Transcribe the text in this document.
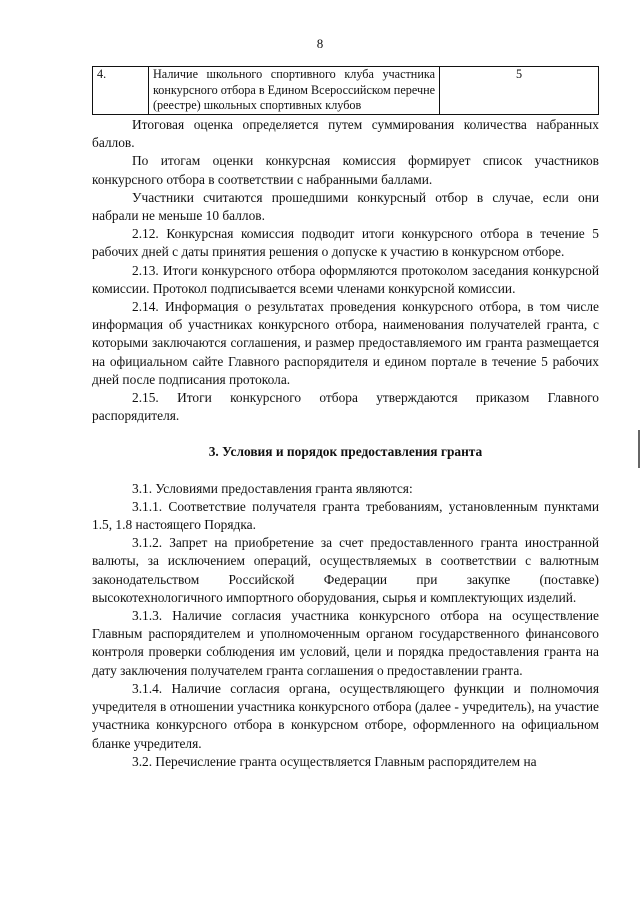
8
4.	Наличие школьного спортивного клуба участника конкурсного отбора в Едином Всероссийском перечне (реестре) школьных спортивных клубов	5

Итоговая оценка определяется путем суммирования количества набранных баллов.

По итогам оценки конкурсная комиссия формирует список участников конкурсного отбора в соответствии с набранными баллами.

Участники считаются прошедшими конкурсный отбор в случае, если они набрали не меньше 10 баллов.

2.12. Конкурсная комиссия подводит итоги конкурсного отбора в течение 5 рабочих дней с даты принятия решения о допуске к участию в конкурсном отборе.

2.13. Итоги конкурсного отбора оформляются протоколом заседания конкурсной комиссии. Протокол подписывается всеми членами конкурсной комиссии.

2.14. Информация о результатах проведения конкурсного отбора, в том числе информация об участниках конкурсного отбора, наименования получателей гранта, с которыми заключаются соглашения, и размер предоставляемого им гранта размещается на официальном сайте Главного распорядителя и едином портале в течение 5 рабочих дней после подписания протокола.

2.15. Итоги конкурсного отбора утверждаются приказом Главного распорядителя.

3. Условия и порядок предоставления гранта

3.1. Условиями предоставления гранта являются:

3.1.1. Соответствие получателя гранта требованиям, установленным пунктами 1.5, 1.8 настоящего Порядка.

3.1.2. Запрет на приобретение за счет предоставленного гранта иностранной валюты, за исключением операций, осуществляемых в соответствии с валютным законодательством Российской Федерации при закупке (поставке) высокотехнологичного импортного оборудования, сырья и комплектующих изделий.

3.1.3. Наличие согласия участника конкурсного отбора на осуществление Главным распорядителем и уполномоченным органом государственного финансового контроля проверки соблюдения им условий, цели и порядка предоставления гранта на дату заключения получателем гранта соглашения о предоставлении гранта.

3.1.4. Наличие согласия органа, осуществляющего функции и полномочия учредителя в отношении участника конкурсного отбора (далее - учредитель), на участие участника конкурсного отбора в конкурсном отборе, оформленного на официальном бланке учредителя.

3.2. Перечисление гранта осуществляется Главным распорядителем на
